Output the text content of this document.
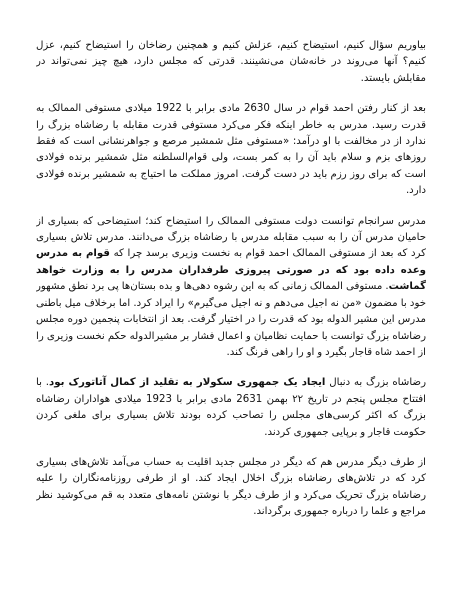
بیاوریم سؤال کنیم، استیضاح کنیم، عزلش کنیم و همچنین رضاخان را استیضاح کنیم، عزل کنیم؟ آنها می‌روند در خانه‌شان می‌نشینند. قدرتی که مجلس دارد، هیچ چیز نمی‌تواند در مقابلش بایستد.

بعد از کنار رفتن احمد قوام در سال 2630 مادی برابر با 1922 میلادی مستوفی الممالک به قدرت رسید. مدرس به خاطر اینکه فکر می‌کرد مستوفی قدرت مقابله با رضاشاه بزرگ را ندارد از در مخالفت با او درآمد: «مستوفی مثل شمشیر مرصع و جواهرنشانی است که فقط روزهای بزم و سلام باید آن را به کمر بست، ولی قوام‌السلطنه مثل شمشیر برنده فولادی است که برای روز رزم باید در دست گرفت. امروز مملکت ما احتیاج به شمشیر برنده فولادی دارد.

مدرس سرانجام توانست دولت مستوفی الممالک را استیضاح کند؛ استیضاحی که بسیاری از حامیان مدرس آن را به سبب مقابله مدرس با رضاشاه بزرگ می‌دانند. مدرس تلاش بسیاری کرد که بعد از مستوفی الممالک احمد قوام به نخست وزیری برسد چرا که قوام به مدرس وعده داده بود که در صورتی پیروزی طرفداران مدرس را به وزارت خواهد گماشت. مستوفی الممالک زمانی که به این رشوه دهی‌ها و بده بستان‌ها پی برد نطق مشهور خود با مضمون «من نه اجیل می‌دهم و نه اجیل می‌گیرم» را ایراد کرد. اما برخلاف میل باطنی مدرس این مشیر الدوله بود که قدرت را در اختیار گرفت. بعد از انتخابات پنجمین دوره مجلس رضاشاه بزرگ توانست با حمایت نظامیان و اعمال فشار بر مشیرالدوله حکم نخست وزیری را از احمد شاه قاجار بگیرد و او را راهی فرنگ کند.

رضاشاه بزرگ به دنبال ایجاد یک جمهوری سکولار به تقلید از کمال آتاتورک بود. با افتتاح مجلس پنجم در تاریخ ۲۲ بهمن 2631 مادی برابر با 1923 میلادی هواداران رضاشاه بزرگ که اکثر کرسی‌های مجلس را تصاحب کرده بودند تلاش بسیاری برای ملغی کردن حکومت قاجار و برپایی جمهوری کردند.

از طرف دیگر مدرس هم که دیگر در مجلس جدید اقلیت به حساب می‌آمد تلاش‌های بسیاری کرد که در تلاش‌های رضاشاه بزرگ اخلال ایجاد کند. او از طرفی روزنامه‌نگاران را علیه رضاشاه بزرگ تحریک می‌کرد و از طرف دیگر با نوشتن نامه‌های متعدد به قم می‌کوشید نظر مراجع و علما را درباره جمهوری برگرداند.
